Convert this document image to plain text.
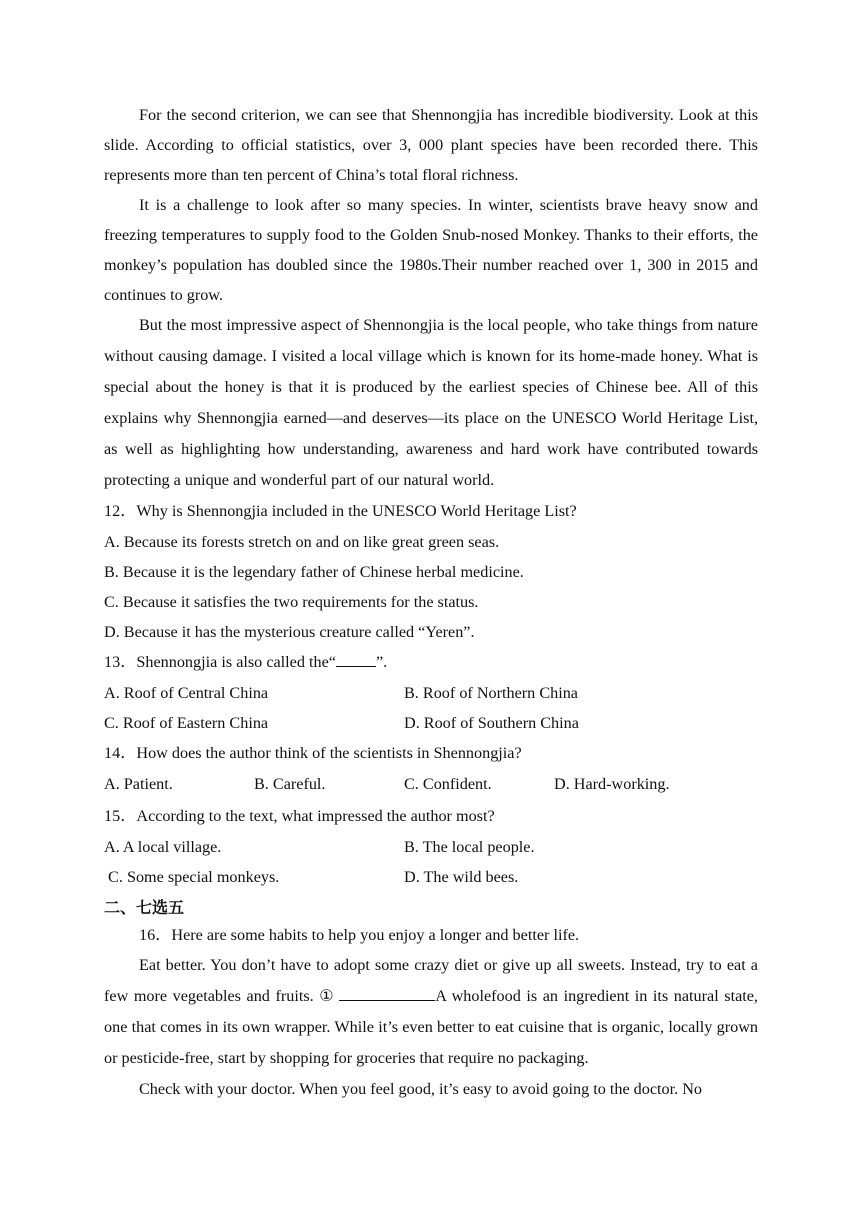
For the second criterion, we can see that Shennongjia has incredible biodiversity. Look at this slide. According to official statistics, over 3, 000 plant species have been recorded there. This represents more than ten percent of China’s total floral richness.

It is a challenge to look after so many species. In winter, scientists brave heavy snow and freezing temperatures to supply food to the Golden Snub-nosed Monkey. Thanks to their efforts, the monkey’s population has doubled since the 1980s.Their number reached over 1, 300 in 2015 and continues to grow.

But the most impressive aspect of Shennongjia is the local people, who take things from nature without causing damage. I visited a local village which is known for its home-made honey. What is special about the honey is that it is produced by the earliest species of Chinese bee. All of this explains why Shennongjia earned—and deserves—its place on the UNESCO World Heritage List, as well as highlighting how understanding, awareness and hard work have contributed towards protecting a unique and wonderful part of our natural world.

12．Why is Shennongjia included in the UNESCO World Heritage List?

A. Because its forests stretch on and on like great green seas.
B. Because it is the legendary father of Chinese herbal medicine.
C. Because it satisfies the two requirements for the status.
D. Because it has the mysterious creature called “Yeren”.

13．Shennongjia is also called the“ ”.

A. Roof of Central China	B. Roof of Northern China
C. Roof of Eastern China	D. Roof of Southern China

14．How does the author think of the scientists in Shennongjia?

A. Patient.	B. Careful.	C. Confident.	D. Hard-working.

15．According to the text, what impressed the author most?

A. A local village.	B. The local people.

C. Some special monkeys.

	D. The wild bees.

二、七选五

16．Here are some habits to help you enjoy a longer and better life.

Eat better. You don’t have to adopt some crazy diet or give up all sweets. Instead, try to eat a few more vegetables and fruits. ①	A wholefood is an ingredient in its natural state, one that comes in its own wrapper. While it’s even better to eat cuisine that is organic, locally grown or pesticide-free, start by shopping for groceries that require no packaging.

Check with your doctor. When you feel good, it’s easy to avoid going to the doctor. No
